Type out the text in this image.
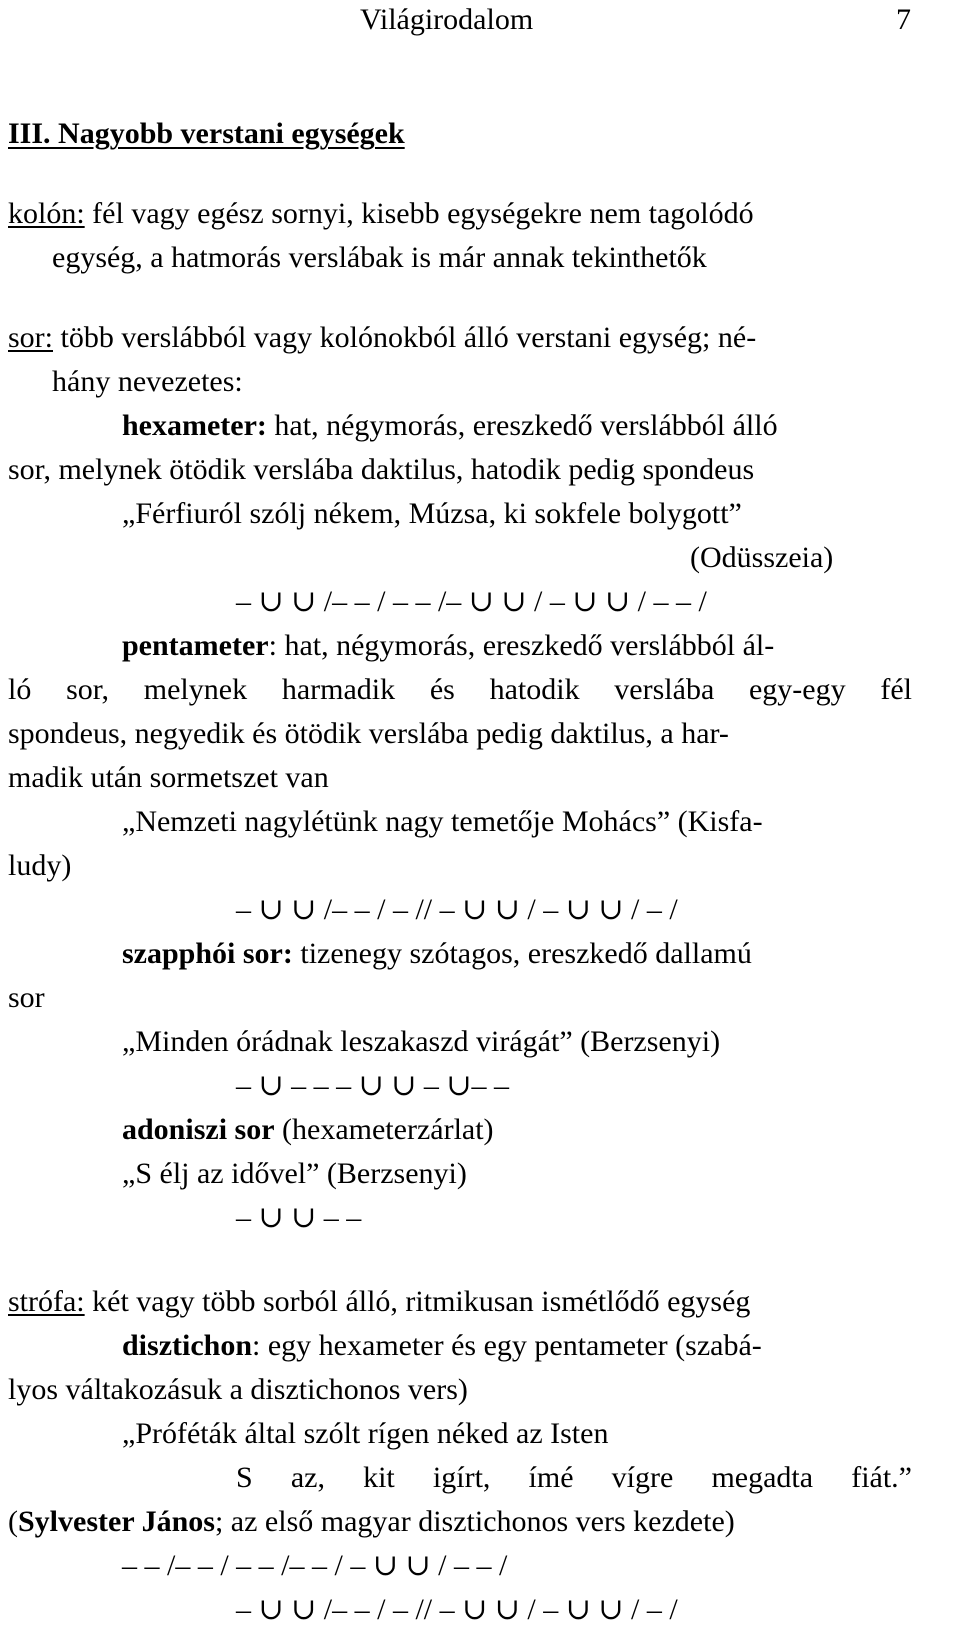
Világirodalom	7
III. Nagyobb verstani egységek
kolón: fél vagy egész sornyi, kisebb egységekre nem tagolódó
egység, a hatmorás verslábak is már annak tekinthetők
sor: több verslábból vagy kolónokból álló verstani egység; né-
hány nevezetes:
hexameter: hat, négymorás, ereszkedő verslábból álló
sor, melynek ötödik verslába daktilus, hatodik pedig spondeus
„Férfiuról szólj nékem, Múzsa, ki sokfele bolygott”
(Odüsszeia)
– ∪ ∪ /– – / – – /– ∪ ∪ / – ∪ ∪ / – – /
pentameter: hat, négymorás, ereszkedő verslábból ál-
ló sor, melynek harmadik és hatodik verslába egy-egy fél
spondeus, negyedik és ötödik verslába pedig daktilus, a har-
madik után sormetszet van
„Nemzeti nagylétünk nagy temetője Mohács” (Kisfa-
ludy)
– ∪ ∪ /– – / – // – ∪ ∪ / – ∪ ∪ / – /
szapphói sor: tizenegy szótagos, ereszkedő dallamú
sor
„Minden órádnak leszakaszd virágát” (Berzsenyi)
– ∪ – – – ∪ ∪ – ∪– –
adoniszi sor (hexameterzárlat)
„S élj az idővel” (Berzsenyi)
– ∪ ∪ – –
strófa: két vagy több sorból álló, ritmikusan ismétlődő egység
disztichon: egy hexameter és egy pentameter (szabá-
lyos váltakozásuk a disztichonos vers)
„Próféták által szólt rígen néked az Isten
S az, kit igírt, ímé vígre megadta fiát.”
(Sylvester János; az első magyar disztichonos vers kezdete)
– – /– – / – – /– – / – ∪ ∪ / – – /
– ∪ ∪ /– – / – // – ∪ ∪ / – ∪ ∪ / – /
